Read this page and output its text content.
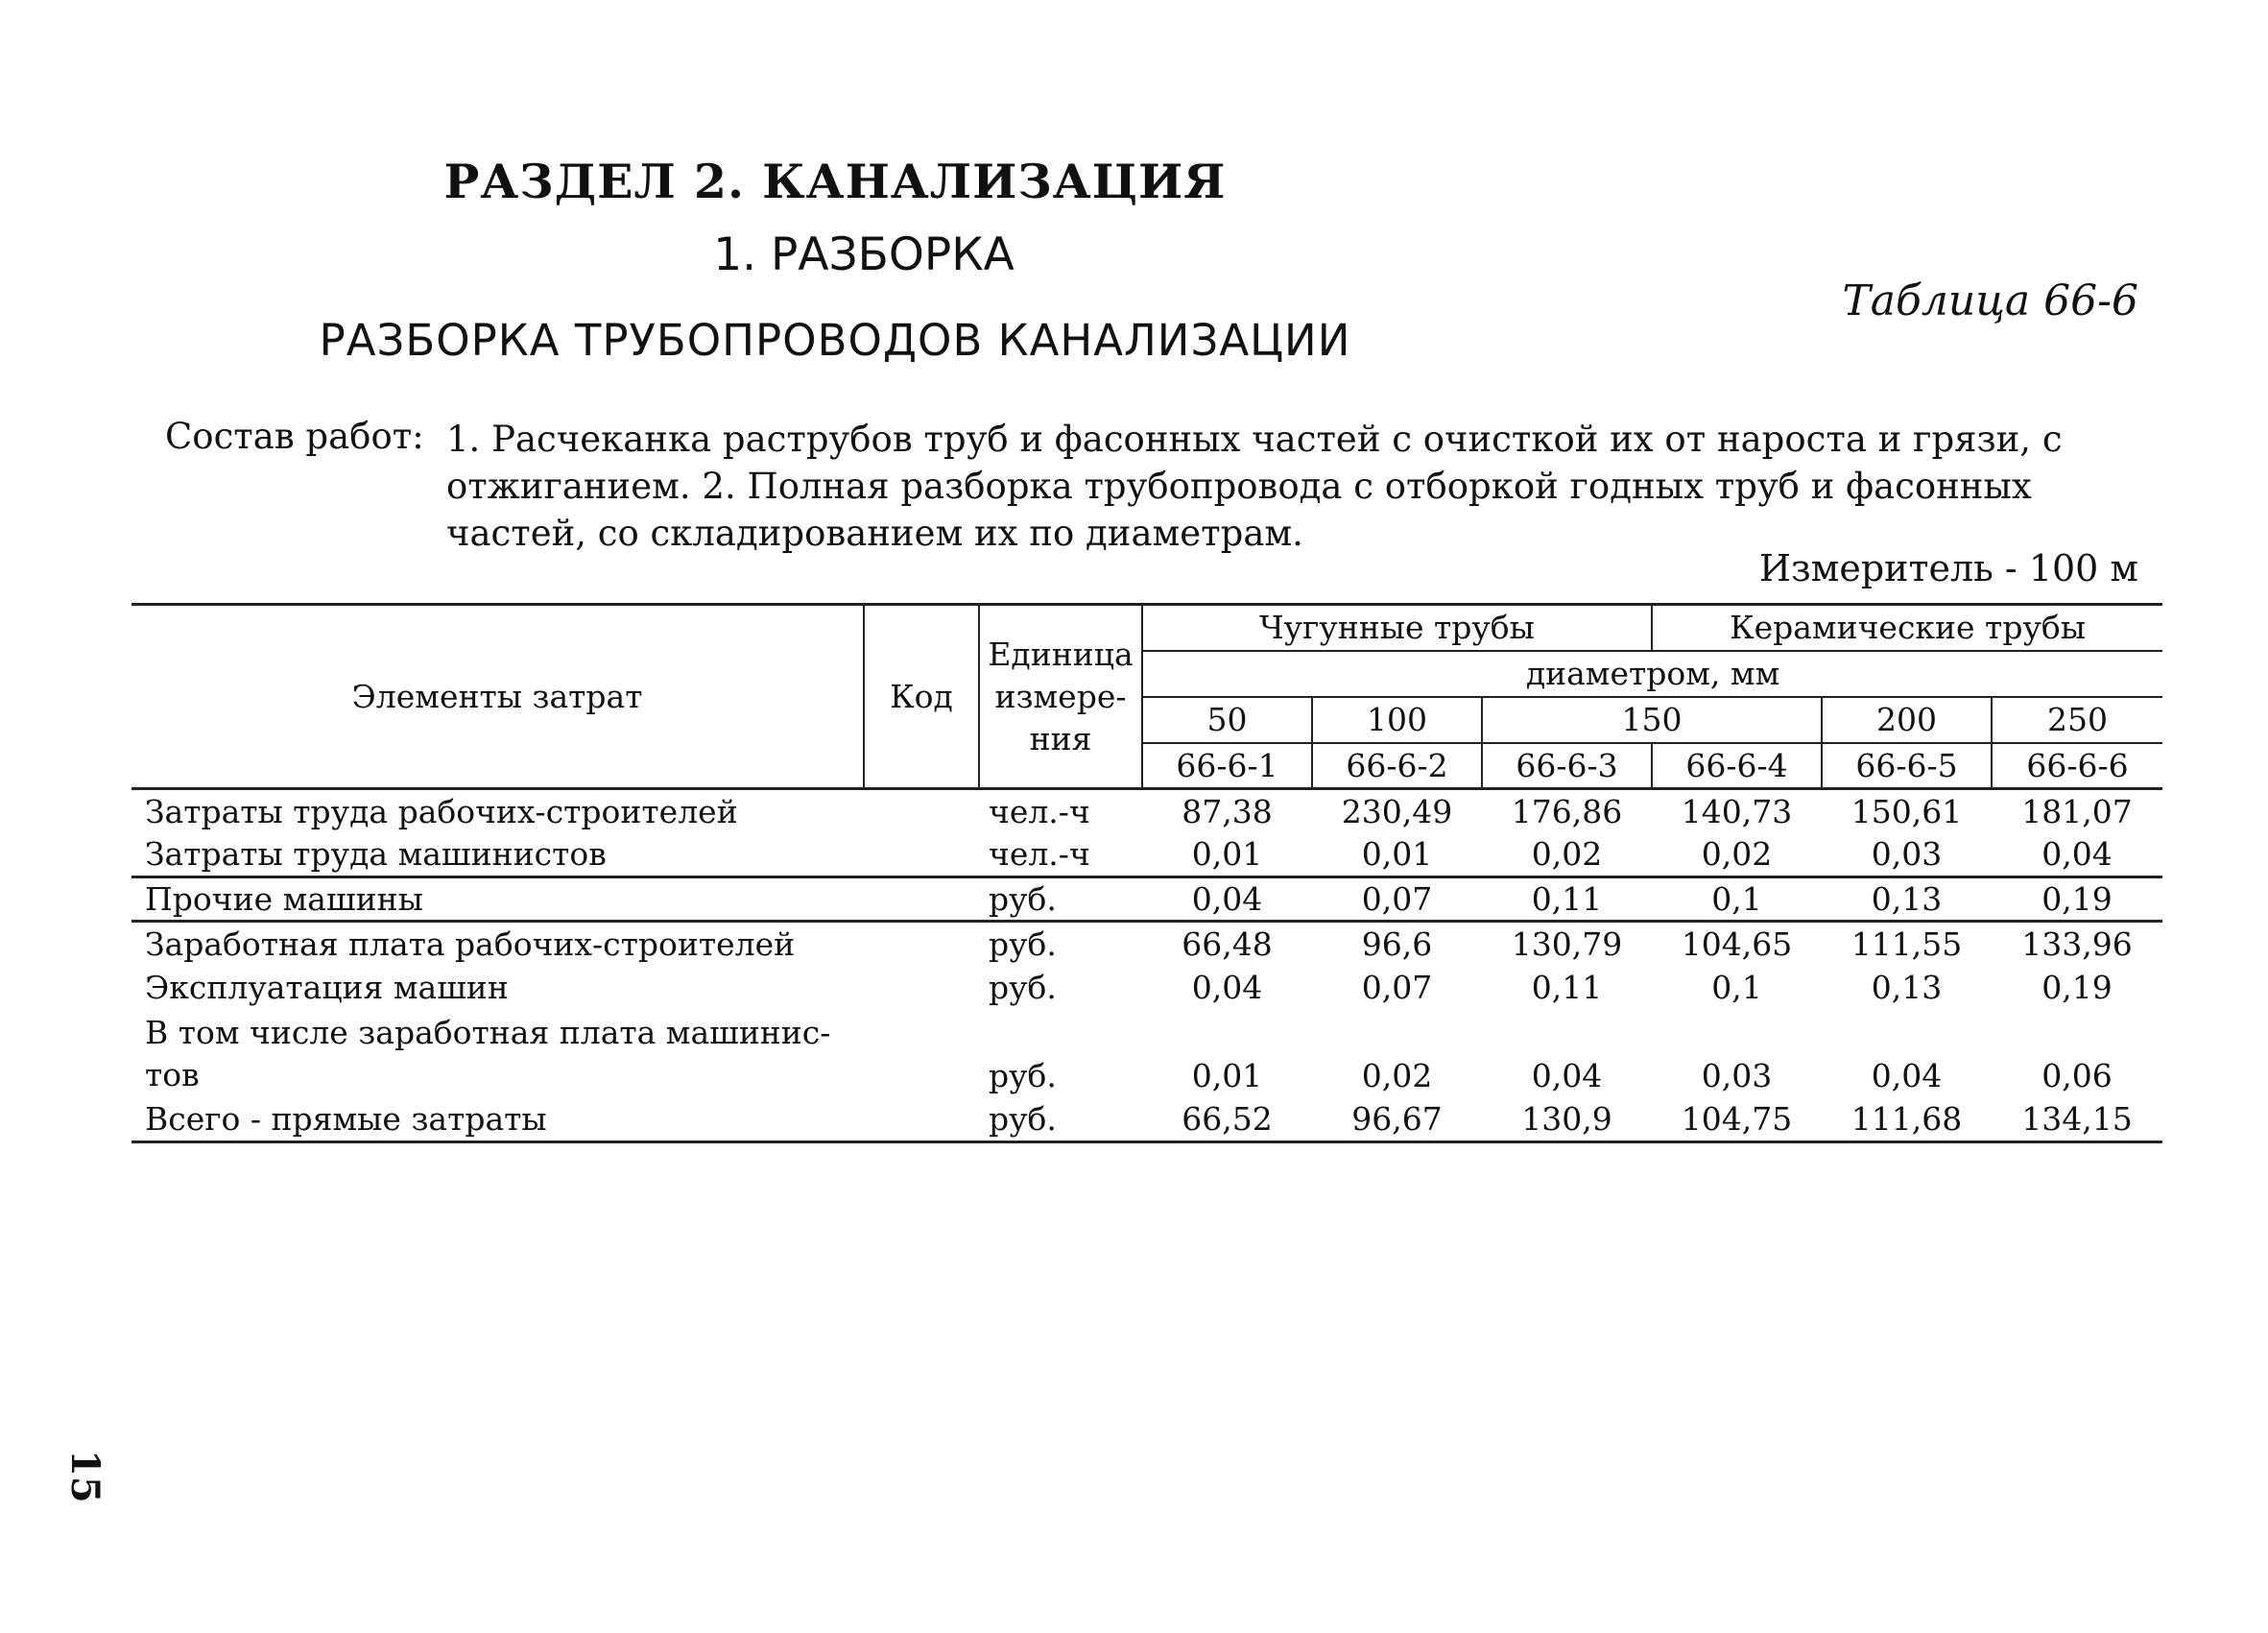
РАЗДЕЛ 2. КАНАЛИЗАЦИЯ
1. РАЗБОРКА
Таблица 66-6
РАЗБОРКА ТРУБОПРОВОДОВ КАНАЛИЗАЦИИ
Состав работ: 1. Расчеканка раструбов труб и фасонных частей с очисткой их от нароста и грязи, с отжиганием. 2. Полная разборка трубопровода с отборкой годных труб и фасонных частей, со складированием их по диаметрам.
Измеритель - 100 м
Элементы затрат	Код	Единица измере-ния	Чугунные трубы			Керамические трубы		
			диаметром, мм					
			50	100	150		200	250
			66-6-1	66-6-2	66-6-3	66-6-4	66-6-5	66-6-6
Затраты труда рабочих-строителей		чел.-ч	87,38	230,49	176,86	140,73	150,61	181,07
Затраты труда машинистов		чел.-ч	0,01	0,01	0,02	0,02	0,03	0,04
Прочие машины		руб.	0,04	0,07	0,11	0,1	0,13	0,19
Заработная плата рабочих-строителей		руб.	66,48	96,6	130,79	104,65	111,55	133,96
Эксплуатация машин		руб.	0,04	0,07	0,11	0,1	0,13	0,19
В том числе заработная плата машинис-тов		руб.	0,01	0,02	0,04	0,03	0,04	0,06
Всего - прямые затраты		руб.	66,52	96,67	130,9	104,75	111,68	134,15
15
